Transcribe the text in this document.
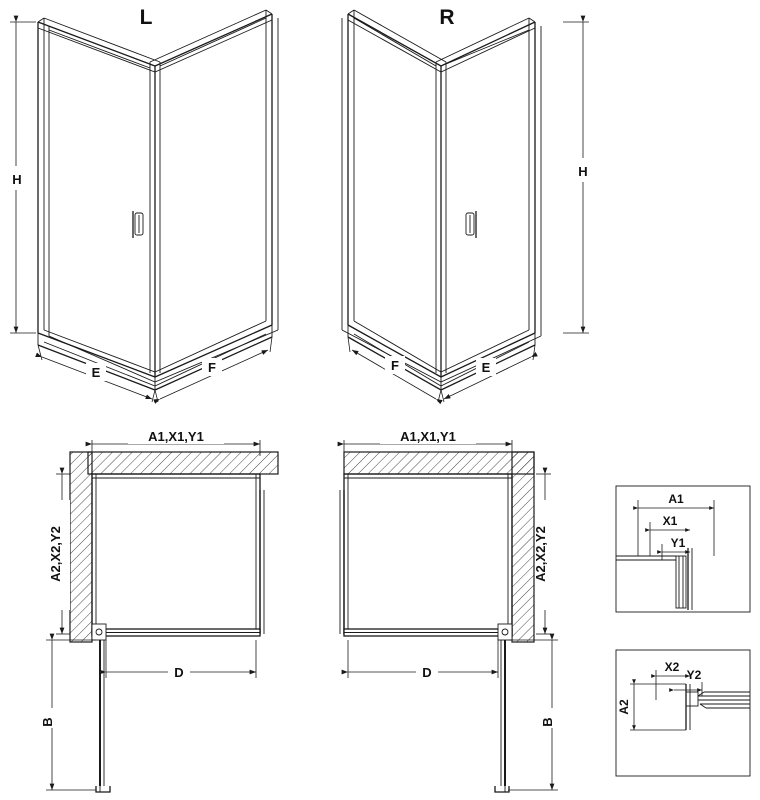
H
E	F
L
H
E
F
R
A1,X1,Y1
A2,X2,Y2
D
B
A1,X1,Y1
A2,X2,Y2
D
B
A1
X1
Y1
A2
X2
Y2
